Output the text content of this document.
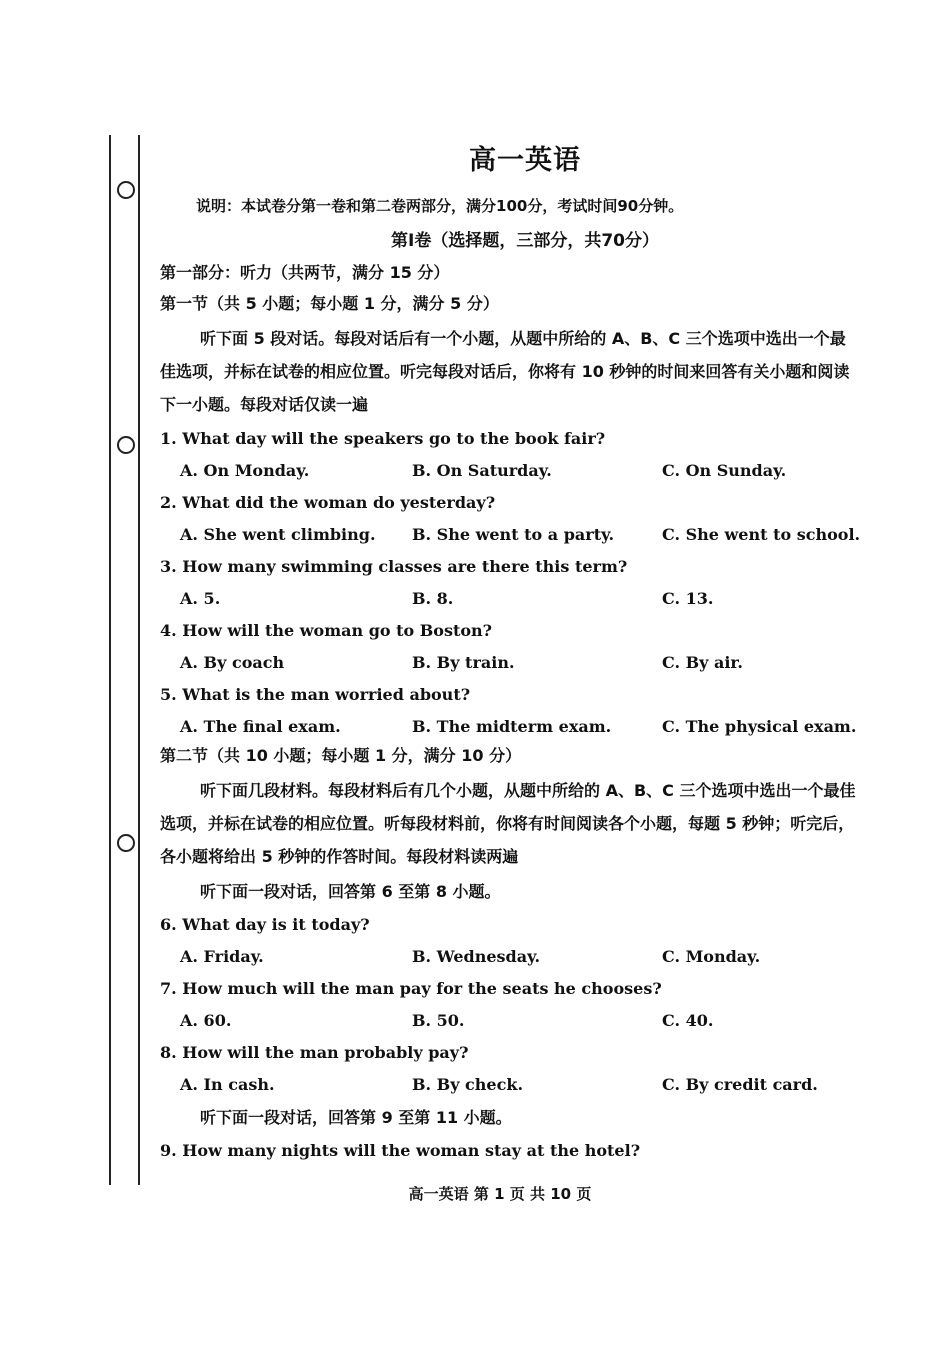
高一英语
说明：本试卷分第一卷和第二卷两部分，满分100分，考试时间90分钟。
第I卷（选择题，三部分，共70分）
第一部分：听力（共两节，满分 15 分）
第一节（共 5 小题；每小题 1 分，满分 5 分）
听下面 5 段对话。每段对话后有一个小题，从题中所给的 A、B、C 三个选项中选出一个最佳选项，并标在试卷的相应位置。听完每段对话后，你将有 10 秒钟的时间来回答有关小题和阅读下一小题。每段对话仅读一遍
1. What day will the speakers go to the book fair?
A. On Monday.	B. On Saturday.	C. On Sunday.
2. What did the woman do yesterday?
A. She went climbing.	B. She went to a party.	C. She went to school.
3. How many swimming classes are there this term?
A. 5.	B. 8.	C. 13.
4. How will the woman go to Boston?
A. By coach	B. By train.	C. By air.
5. What is the man worried about?
A. The final exam.	B. The midterm exam.	C. The physical exam.
第二节（共 10 小题；每小题 1 分，满分 10 分）
听下面几段材料。每段材料后有几个小题，从题中所给的 A、B、C 三个选项中选出一个最佳选项，并标在试卷的相应位置。听每段材料前，你将有时间阅读各个小题，每题 5 秒钟；听完后，各小题将给出 5 秒钟的作答时间。每段材料读两遍
听下面一段对话，回答第 6 至第 8 小题。
6. What day is it today?
A. Friday.	B. Wednesday.	C. Monday.
7. How much will the man pay for the seats he chooses?
A. 60.	B. 50.	C. 40.
8. How will the man probably pay?
A. In cash.	B. By check.	C. By credit card.
听下面一段对话，回答第 9 至第 11 小题。
9. How many nights will the woman stay at the hotel?
高一英语 第 1 页 共 10 页
